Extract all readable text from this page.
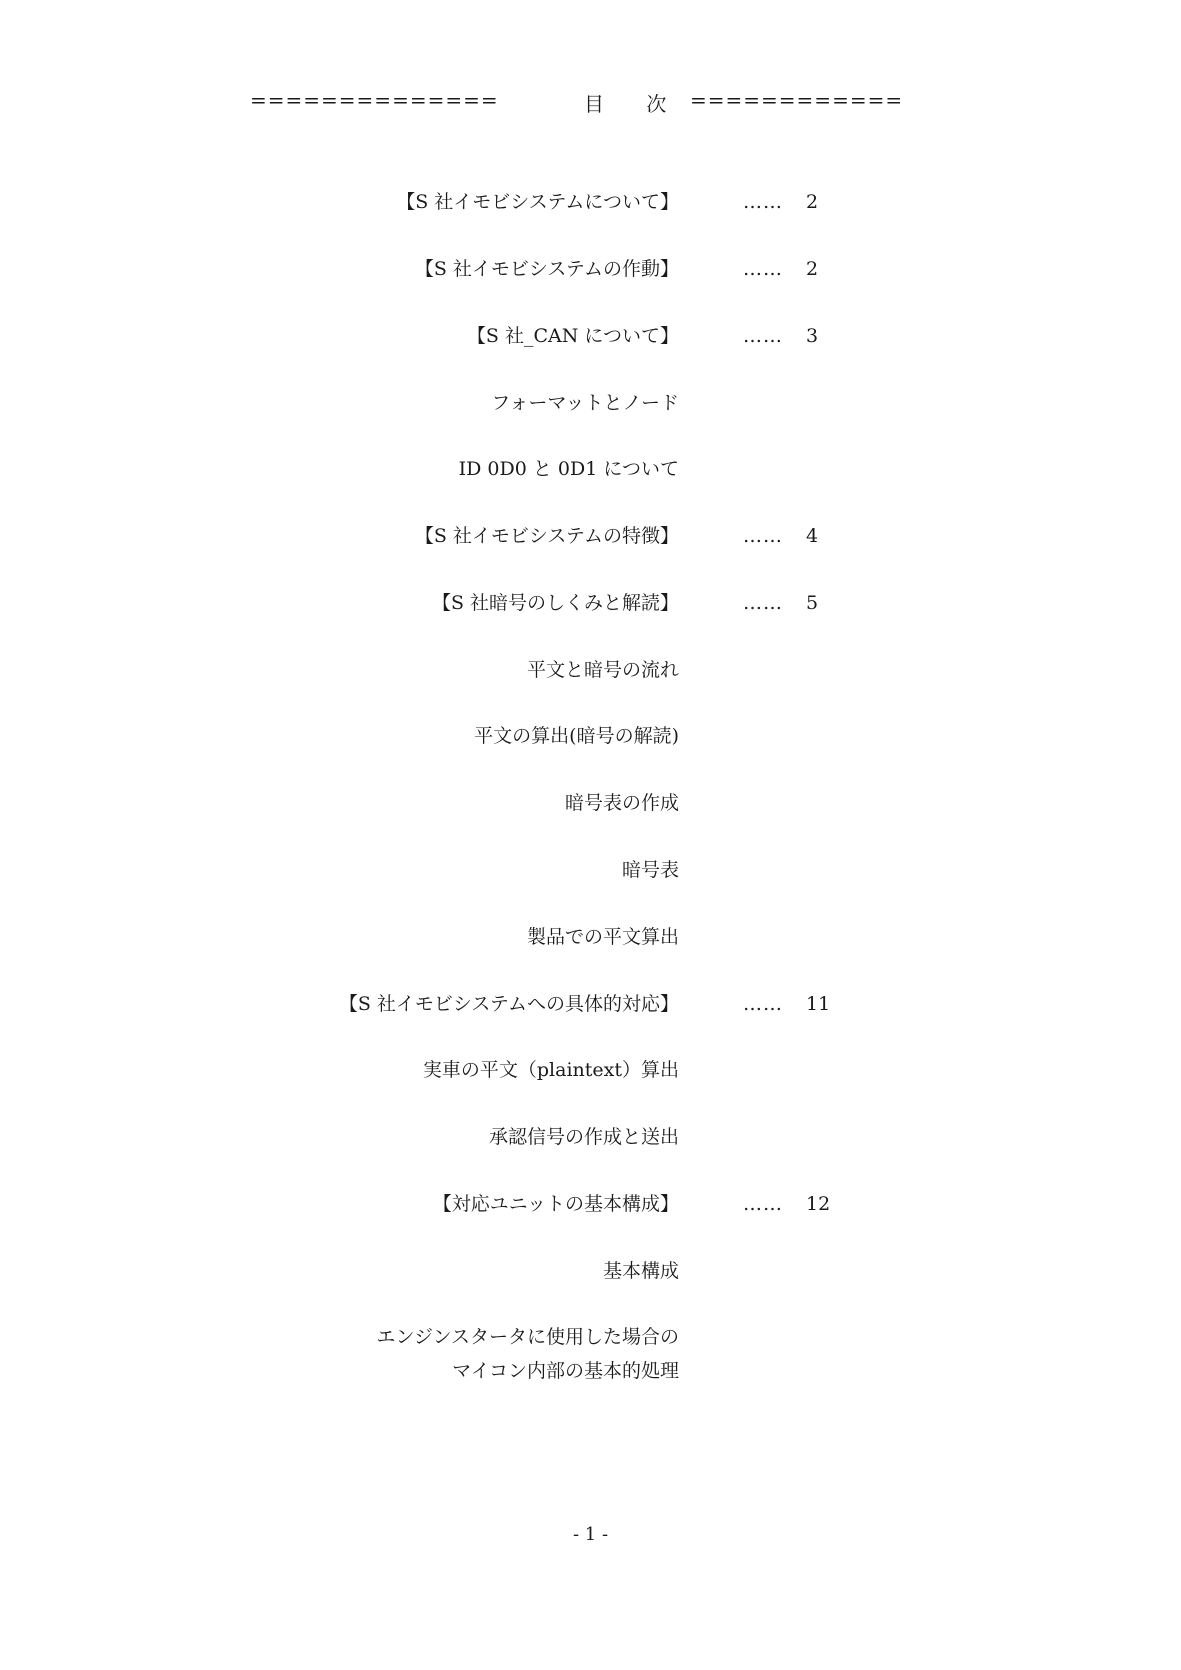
==============	目 次 ============
【S 社イモビシステムについて】	…… 2
【S 社イモビシステムの作動】	…… 2
【S 社_CAN について】	…… 3
フォーマットとノード
ID 0D0 と 0D1 について
【S 社イモビシステムの特徴】	…… 4
【S 社暗号のしくみと解読】	…… 5
平文と暗号の流れ
平文の算出(暗号の解読)
暗号表の作成
暗号表
製品での平文算出
【S 社イモビシステムへの具体的対応】	…… 11
実車の平文（plaintext）算出
承認信号の作成と送出
【対応ユニットの基本構成】	…… 12
基本構成
エンジンスタータに使用した場合の
マイコン内部の基本的処理
- 1 -
